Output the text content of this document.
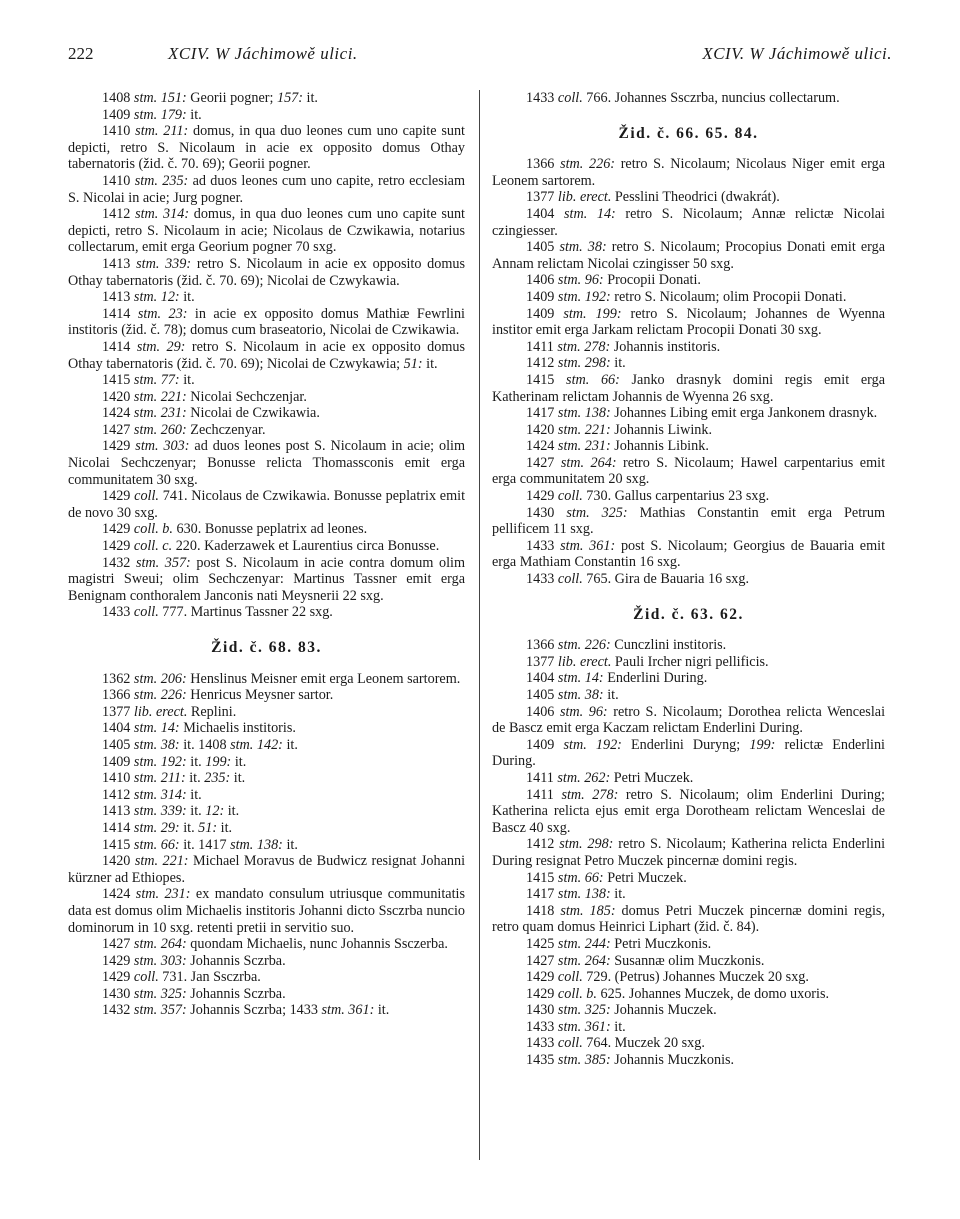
222	XCIV. W Jáchimowě ulici.	XCIV. W Jáchimowě ulici.

1408 stm. 151: Georii pogner; 157: it.

1409 stm. 179: it.

1410 stm. 211: domus, in qua duo leones cum uno capite sunt depicti, retro S. Nicolaum in acie ex opposito domus Othay tabernatoris (žid. č. 70. 69); Georii pogner.

1410 stm. 235: ad duos leones cum uno capite, retro ecclesiam S. Nicolai in acie; Jurg pogner.

1412 stm. 314: domus, in qua duo leones cum uno capite sunt depicti, retro S. Nicolaum in acie; Nicolaus de Czwikawia, notarius collectarum, emit erga Georium pogner 70 sxg.

1413 stm. 339: retro S. Nicolaum in acie ex opposito domus Othay tabernatoris (žid. č. 70. 69); Nicolai de Czwykawia.

1413 stm. 12: it.

1414 stm. 23: in acie ex opposito domus Mathiæ Fewrlini institoris (žid. č. 78); domus cum braseatorio, Nicolai de Czwikawia.

1414 stm. 29: retro S. Nicolaum in acie ex opposito domus Othay tabernatoris (žid. č. 70. 69); Nicolai de Czwykawia; 51: it.

1415 stm. 77: it.

1420 stm. 221: Nicolai Sechczenjar.

1424 stm. 231: Nicolai de Czwikawia.

1427 stm. 260: Zechczenyar.

1429 stm. 303: ad duos leones post S. Nicolaum in acie; olim Nicolai Sechczenyar; Bonusse relicta Thomassconis emit erga communitatem 30 sxg.

1429 coll. 741. Nicolaus de Czwikawia. Bonusse peplatrix emit de novo 30 sxg.

1429 coll. b. 630. Bonusse peplatrix ad leones.

1429 coll. c. 220. Kaderzawek et Laurentius circa Bonusse.

1432 stm. 357: post S. Nicolaum in acie contra domum olim magistri Sweui; olim Sechczenyar: Martinus Tassner emit erga Benignam conthoralem Janconis nati Meysnerii 22 sxg.

1433 coll. 777. Martinus Tassner 22 sxg.

Žid. č. 68. 83.

1362 stm. 206: Henslinus Meisner emit erga Leonem sartorem.

1366 stm. 226: Henricus Meysner sartor.

1377 lib. erect. Replini.

1404 stm. 14: Michaelis institoris.

1405 stm. 38: it. 1408 stm. 142: it.

1409 stm. 192: it. 199: it.

1410 stm. 211: it. 235: it.

1412 stm. 314: it.

1413 stm. 339: it. 12: it.

1414 stm. 29: it. 51: it.

1415 stm. 66: it. 1417 stm. 138: it.

1420 stm. 221: Michael Moravus de Budwicz resignat Johanni kürzner ad Ethiopes.

1424 stm. 231: ex mandato consulum utriusque communitatis data est domus olim Michaelis institoris Johanni dicto Ssczrba nuncio dominorum in 10 sxg. retenti pretii in servitio suo.

1427 stm. 264: quondam Michaelis, nunc Johannis Ssczerba.

1429 stm. 303: Johannis Sczrba.

1429 coll. 731. Jan Ssczrba.

1430 stm. 325: Johannis Sczrba.

1432 stm. 357: Johannis Sczrba; 1433 stm. 361: it.

1433 coll. 766. Johannes Ssczrba, nuncius collectarum.

Žid. č. 66. 65. 84.

1366 stm. 226: retro S. Nicolaum; Nicolaus Niger emit erga Leonem sartorem.

1377 lib. erect. Pesslini Theodrici (dwakrát).

1404 stm. 14: retro S. Nicolaum; Annæ relictæ Nicolai czingiesser.

1405 stm. 38: retro S. Nicolaum; Procopius Donati emit erga Annam relictam Nicolai czingisser 50 sxg.

1406 stm. 96: Procopii Donati.

1409 stm. 192: retro S. Nicolaum; olim Procopii Donati.

1409 stm. 199: retro S. Nicolaum; Johannes de Wyenna institor emit erga Jarkam relictam Procopii Donati 30 sxg.

1411 stm. 278: Johannis institoris.

1412 stm. 298: it.

1415 stm. 66: Janko drasnyk domini regis emit erga Katherinam relictam Johannis de Wyenna 26 sxg.

1417 stm. 138: Johannes Libing emit erga Jankonem drasnyk.

1420 stm. 221: Johannis Liwink.

1424 stm. 231: Johannis Libink.

1427 stm. 264: retro S. Nicolaum; Hawel carpentarius emit erga communitatem 20 sxg.

1429 coll. 730. Gallus carpentarius 23 sxg.

1430 stm. 325: Mathias Constantin emit erga Petrum pellificem 11 sxg.

1433 stm. 361: post S. Nicolaum; Georgius de Bauaria emit erga Mathiam Constantin 16 sxg.

1433 coll. 765. Gira de Bauaria 16 sxg.

Žid. č. 63. 62.

1366 stm. 226: Cunczlini institoris.

1377 lib. erect. Pauli Ircher nigri pellificis.

1404 stm. 14: Enderlini During.

1405 stm. 38: it.

1406 stm. 96: retro S. Nicolaum; Dorothea relicta Wenceslai de Bascz emit erga Kaczam relictam Enderlini During.

1409 stm. 192: Enderlini Duryng; 199: relictæ Enderlini During.

1411 stm. 262: Petri Muczek.

1411 stm. 278: retro S. Nicolaum; olim Enderlini During; Katherina relicta ejus emit erga Dorotheam relictam Wenceslai de Bascz 40 sxg.

1412 stm. 298: retro S. Nicolaum; Katherina relicta Enderlini During resignat Petro Muczek pincernæ domini regis.

1415 stm. 66: Petri Muczek.

1417 stm. 138: it.

1418 stm. 185: domus Petri Muczek pincernæ domini regis, retro quam domus Heinrici Liphart (žid. č. 84).

1425 stm. 244: Petri Muczkonis.

1427 stm. 264: Susannæ olim Muczkonis.

1429 coll. 729. (Petrus) Johannes Muczek 20 sxg.

1429 coll. b. 625. Johannes Muczek, de domo uxoris.

1430 stm. 325: Johannis Muczek.

1433 stm. 361: it.

1433 coll. 764. Muczek 20 sxg.

1435 stm. 385: Johannis Muczkonis.
